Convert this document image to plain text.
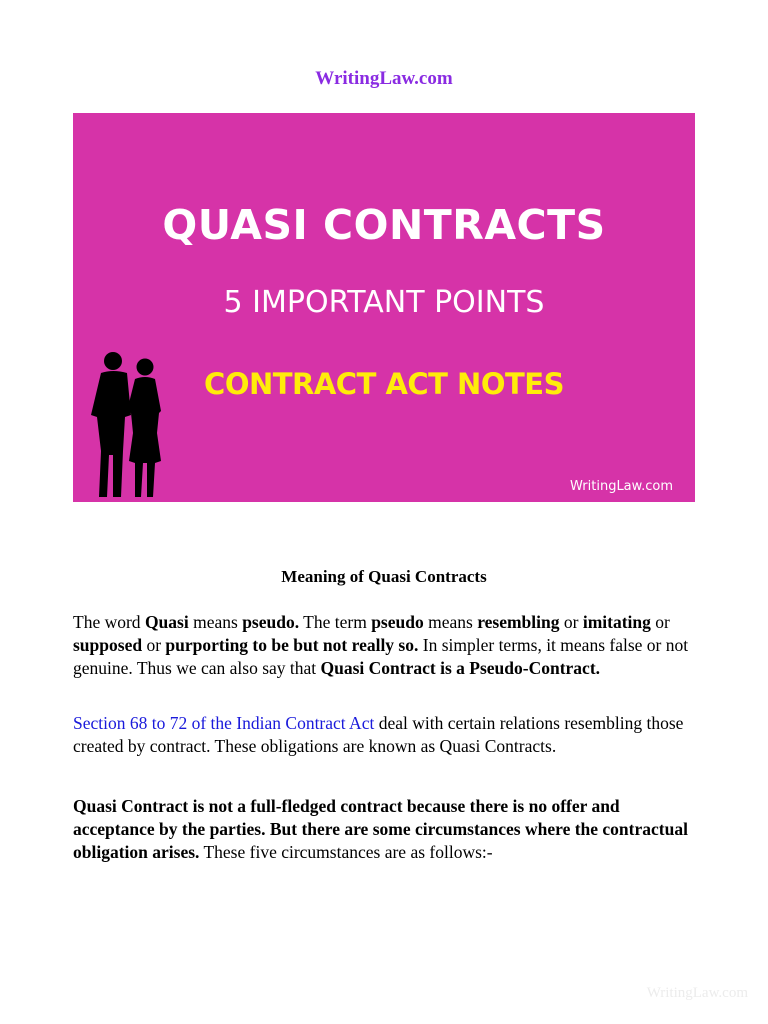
WritingLaw.com
QUASI CONTRACTS
5 IMPORTANT POINTS
CONTRACT ACT NOTES
WritingLaw.com
Meaning of Quasi Contracts
The word Quasi means pseudo. The term pseudo means resembling or imitating or supposed or purporting to be but not really so. In simpler terms, it means false or not genuine. Thus we can also say that Quasi Contract is a Pseudo-Contract.
Section 68 to 72 of the Indian Contract Act deal with certain relations resembling those created by contract. These obligations are known as Quasi Contracts.
Quasi Contract is not a full-fledged contract because there is no offer and acceptance by the parties. But there are some circumstances where the contractual obligation arises. These five circumstances are as follows:-
WritingLaw.com
